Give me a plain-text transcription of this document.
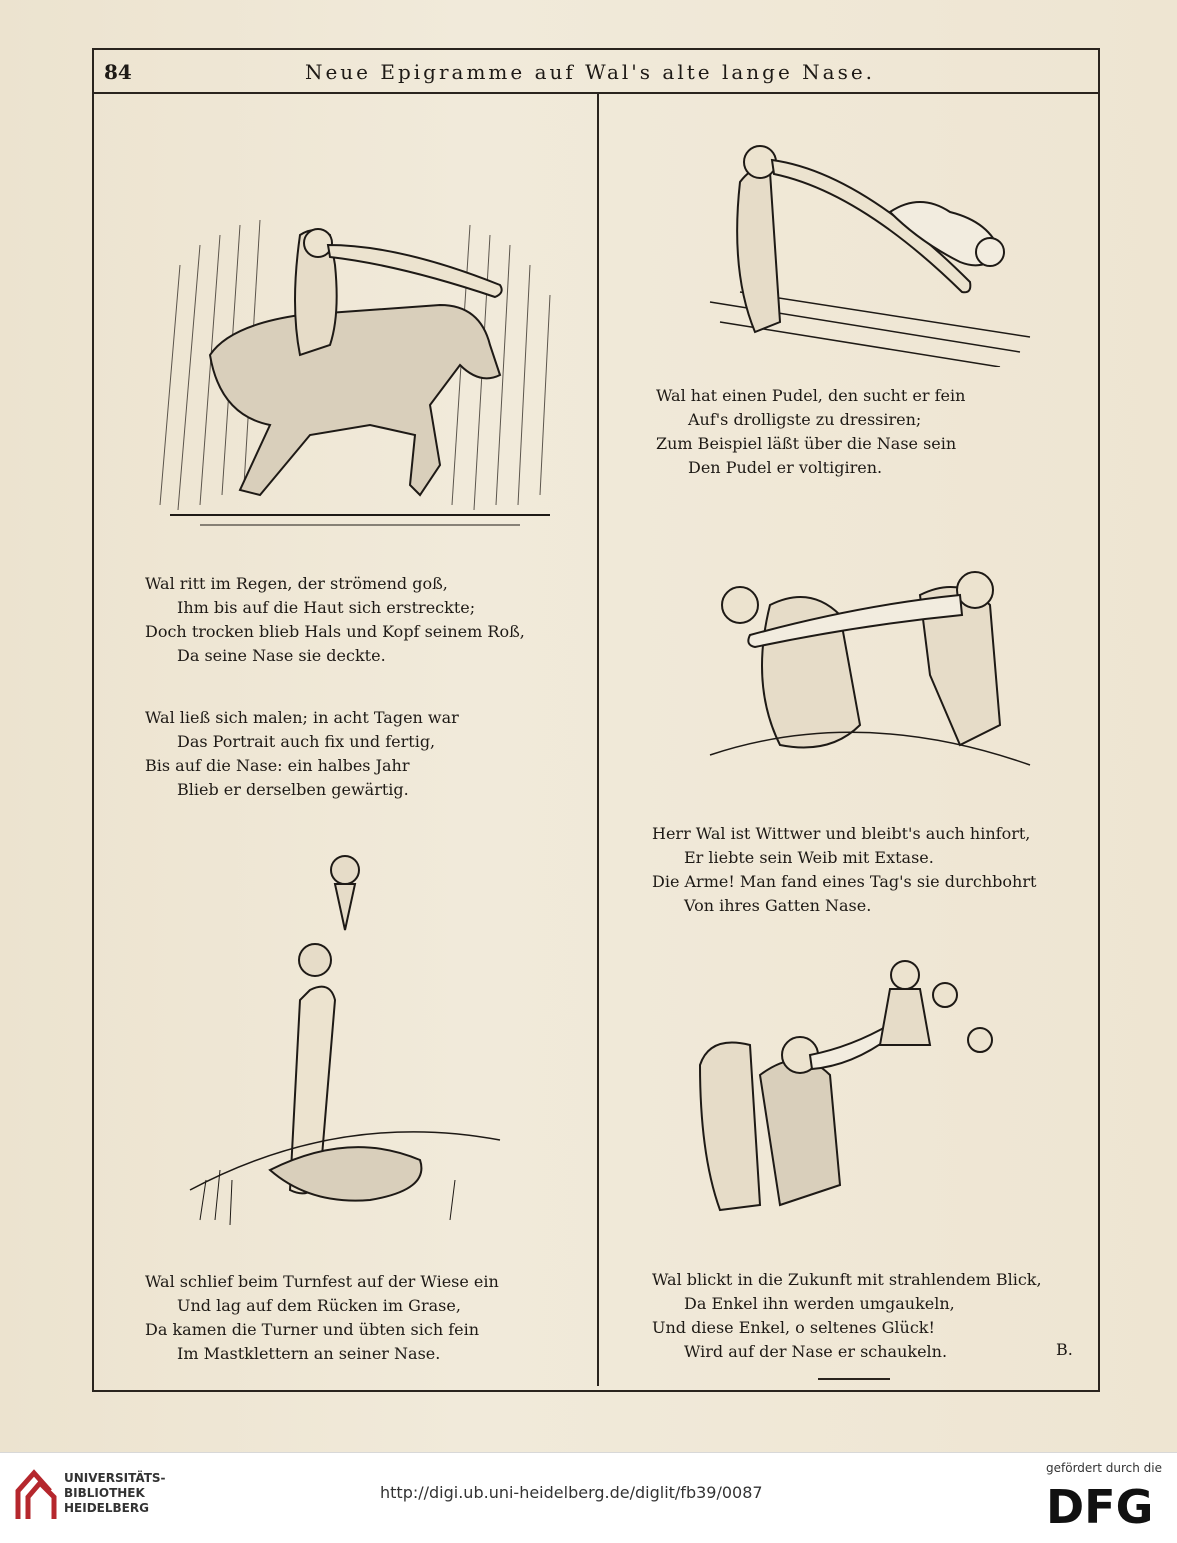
84	Neue Epigramme auf Wal's alte lange Nase.
Wal ritt im Regen, der strömend goß,
Ihm bis auf die Haut sich erstreckte;
Doch trocken blieb Hals und Kopf seinem Roß,
Da seine Nase sie deckte.
Wal ließ sich malen; in acht Tagen war
Das Portrait auch fix und fertig,
Bis auf die Nase: ein halbes Jahr
Blieb er derselben gewärtig.
Wal schlief beim Turnfest auf der Wiese ein
Und lag auf dem Rücken im Grase,
Da kamen die Turner und übten sich fein
Im Mastklettern an seiner Nase.
Wal hat einen Pudel, den sucht er fein
Auf's drolligste zu dressiren;
Zum Beispiel läßt über die Nase sein
Den Pudel er voltigiren.
Herr Wal ist Wittwer und bleibt's auch hinfort,
Er liebte sein Weib mit Extase.
Die Arme! Man fand eines Tag's sie durchbohrt
Von ihres Gatten Nase.
Wal blickt in die Zukunft mit strahlendem Blick,
Da Enkel ihn werden umgaukeln,
Und diese Enkel, o seltenes Glück!
Wird auf der Nase er schaukeln.	B.
UNIVERSITÄTS-
BIBLIOTHEK
HEIDELBERG
http://digi.ub.uni-heidelberg.de/diglit/fb39/0087
gefördert durch die
DFG
